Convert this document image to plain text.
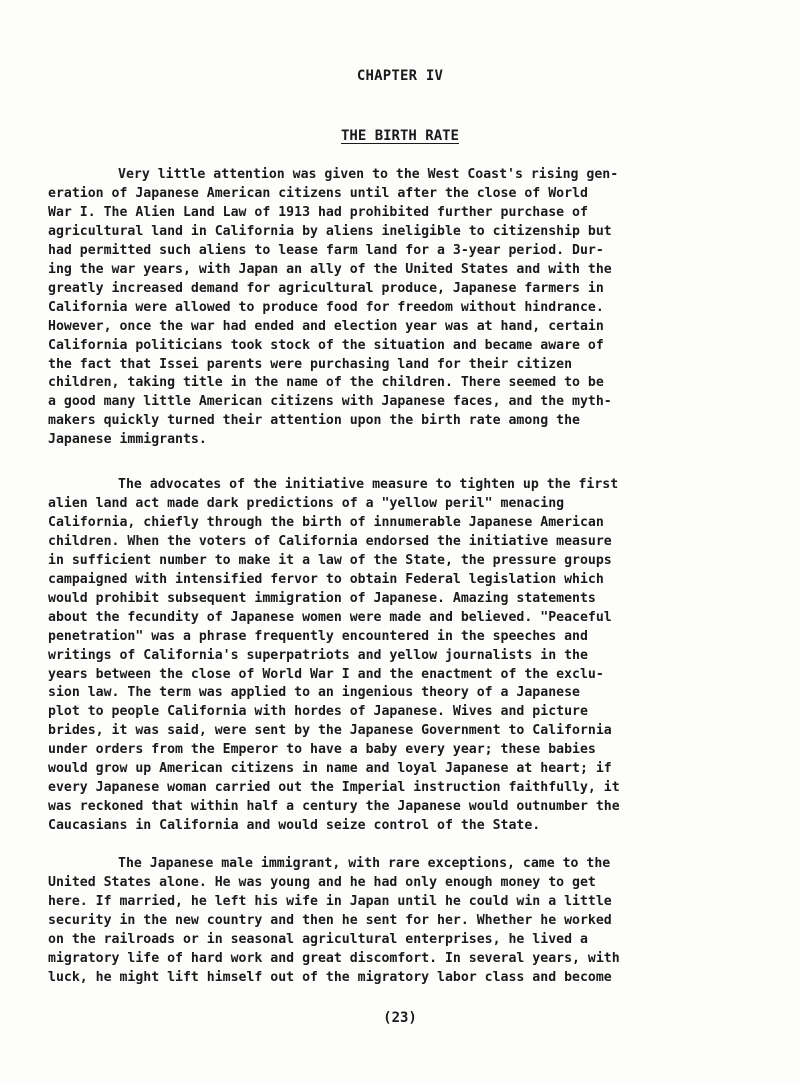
CHAPTER IV
THE BIRTH RATE
Very little attention was given to the West Coast's rising gen-
eration of Japanese American citizens until after the close of World
War I. The Alien Land Law of 1913 had prohibited further purchase of
agricultural land in California by aliens ineligible to citizenship but
had permitted such aliens to lease farm land for a 3-year period. Dur-
ing the war years, with Japan an ally of the United States and with the
greatly increased demand for agricultural produce, Japanese farmers in
California were allowed to produce food for freedom without hindrance.
However, once the war had ended and election year was at hand, certain
California politicians took stock of the situation and became aware of
the fact that Issei parents were purchasing land for their citizen
children, taking title in the name of the children. There seemed to be
a good many little American citizens with Japanese faces, and the myth-
makers quickly turned their attention upon the birth rate among the
Japanese immigrants.
The advocates of the initiative measure to tighten up the first
alien land act made dark predictions of a "yellow peril" menacing
California, chiefly through the birth of innumerable Japanese American
children. When the voters of California endorsed the initiative measure
in sufficient number to make it a law of the State, the pressure groups
campaigned with intensified fervor to obtain Federal legislation which
would prohibit subsequent immigration of Japanese. Amazing statements
about the fecundity of Japanese women were made and believed. "Peaceful
penetration" was a phrase frequently encountered in the speeches and
writings of California's superpatriots and yellow journalists in the
years between the close of World War I and the enactment of the exclu-
sion law. The term was applied to an ingenious theory of a Japanese
plot to people California with hordes of Japanese. Wives and picture
brides, it was said, were sent by the Japanese Government to California
under orders from the Emperor to have a baby every year; these babies
would grow up American citizens in name and loyal Japanese at heart; if
every Japanese woman carried out the Imperial instruction faithfully, it
was reckoned that within half a century the Japanese would outnumber the
Caucasians in California and would seize control of the State.
The Japanese male immigrant, with rare exceptions, came to the
United States alone. He was young and he had only enough money to get
here. If married, he left his wife in Japan until he could win a little
security in the new country and then he sent for her. Whether he worked
on the railroads or in seasonal agricultural enterprises, he lived a
migratory life of hard work and great discomfort. In several years, with
luck, he might lift himself out of the migratory labor class and become
(23)
